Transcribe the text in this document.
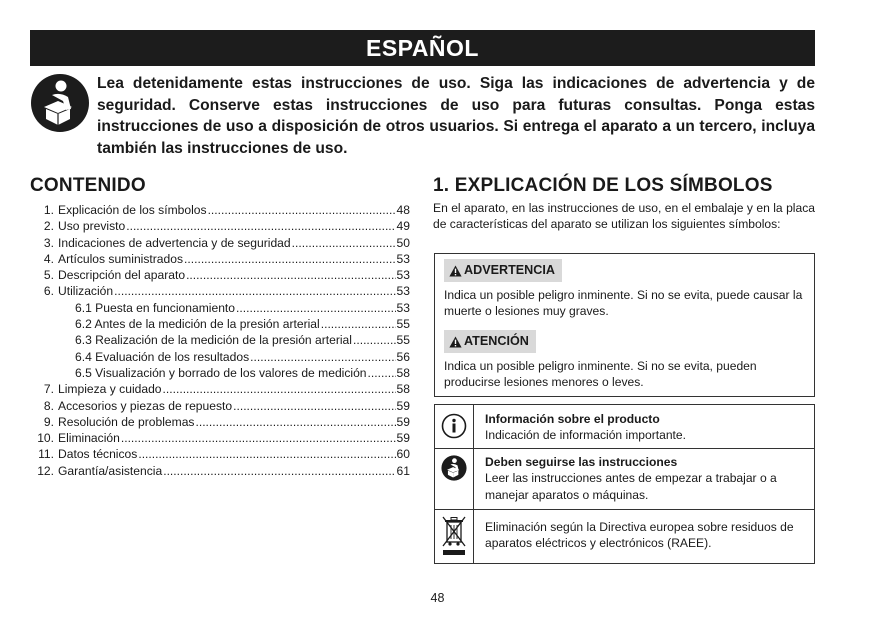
ESPAÑOL
Lea detenidamente estas instrucciones de uso. Siga las indicaciones de advertencia y de seguridad. Conserve estas instrucciones de uso para futuras consultas. Ponga estas instrucciones de uso a disposición de otros usuarios. Si entrega el aparato a un tercero, incluya también las instrucciones de uso.
CONTENIDO
1. Explicación de los símbolos .....	48
2. Uso previsto .....	49
3. Indicaciones de advertencia y de seguridad .....	50
4. Artículos suministrados .....	53
5. Descripción del aparato .....	53
6. Utilización .....	53
6.1 Puesta en funcionamiento .....	53
6.2 Antes de la medición de la presión arterial .....	55
6.3 Realización de la medición de la presión arterial .....	55
6.4 Evaluación de los resultados .....	56
6.5 Visualización y borrado de los valores de medición ..... 58
7. Limpieza y cuidado .....	58
8. Accesorios y piezas de repuesto .....	59
9. Resolución de problemas .....	59
10. Eliminación .....	59
11. Datos técnicos .....	60
12. Garantía/asistencia .....	61
1. EXPLICACIÓN DE LOS SÍMBOLOS
En el aparato, en las instrucciones de uso, en el embalaje y en la placa de características del aparato se utilizan los siguientes símbolos:
ADVERTENCIA
Indica un posible peligro inminente. Si no se evita, puede causar la muerte o lesiones muy graves.
ATENCIÓN
Indica un posible peligro inminente. Si no se evita, pueden producirse lesiones menores o leves.
Información sobre el producto
Indicación de información importante.
Deben seguirse las instrucciones
Leer las instrucciones antes de empezar a trabajar o a manejar aparatos o máquinas.
Eliminación según la Directiva europea sobre residuos de aparatos eléctricos y electrónicos (RAEE).
48
